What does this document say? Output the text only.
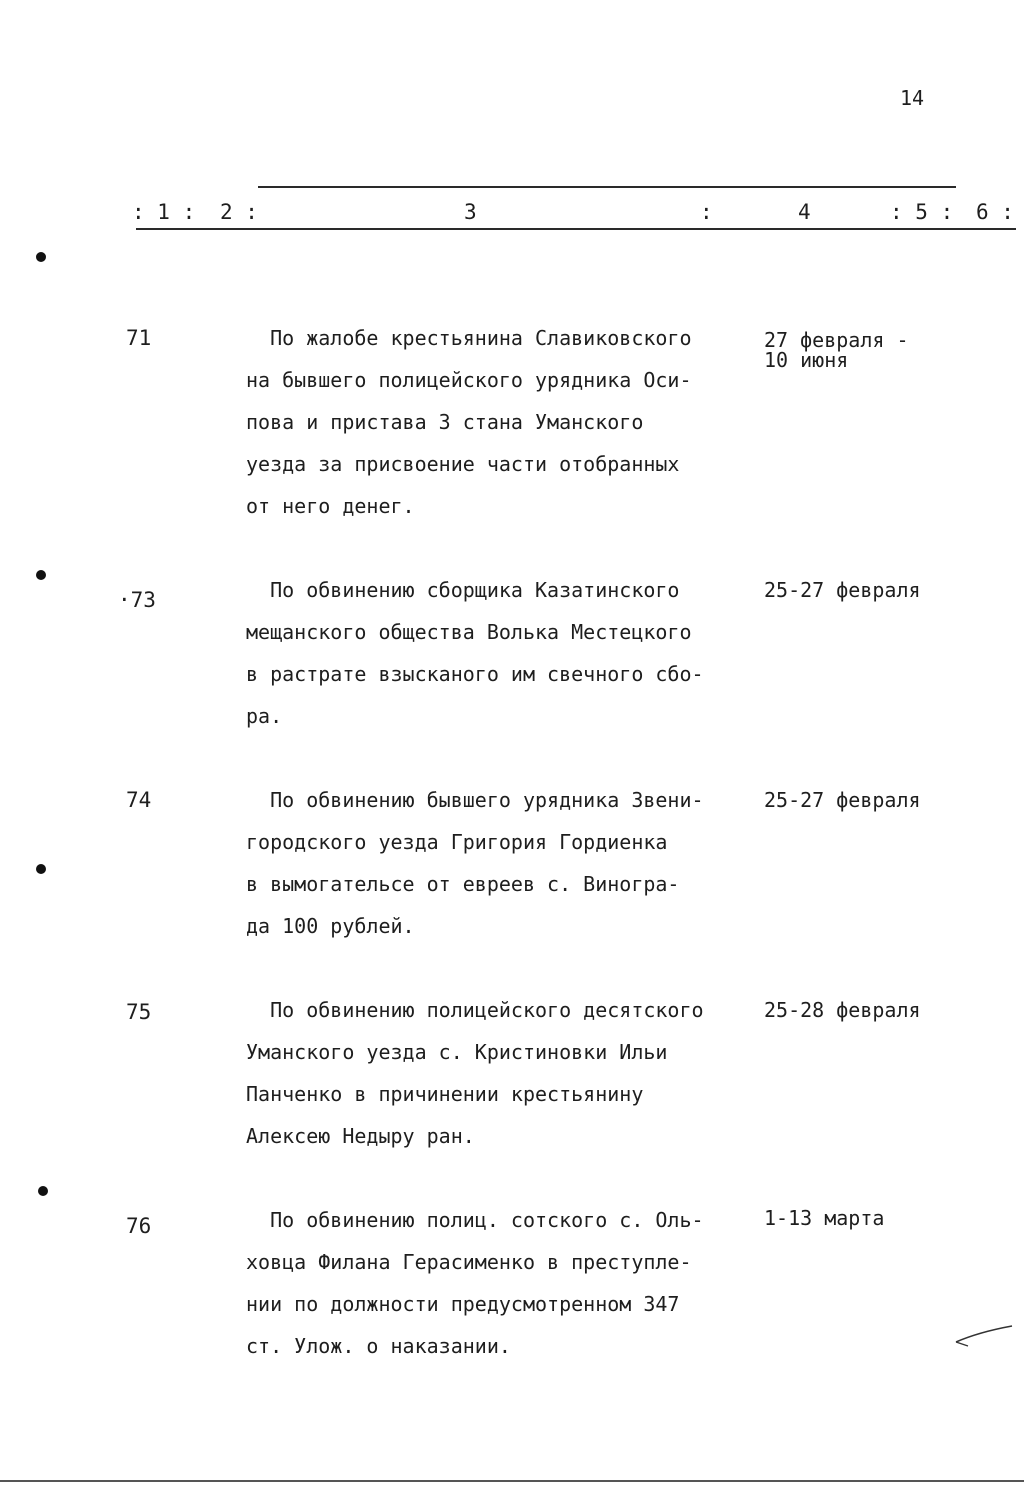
14
: 1 : 2 :	3	:	4	: 5 : 6 :
71	По жалобе крестьянина Славиковского
на бывшего полицейского урядника Оси-
пова и пристава 3 стана Уманского
уезда за присвоение части отобранных
от него денег.
27 февраля -
10 июня
·73	По обвинению сборщика Казатинского
мещанского общества Волька Местецкого
в растрате взысканого им свечного сбо-
ра.
25-27 февраля
74	По обвинению бывшего урядника Звени-
городского уезда Григория Гордиенка
в вымогательсе от евреев с. Виногра-
да 100 рублей.
25-27 февраля
75	По обвинению полицейского десятского
Уманского уезда с. Кристиновки Ильи
Панченко в причинении крестьянину
Алексею Недыру ран.
25-28 февраля
76	По обвинению полиц. сотского с. Оль-
ховца Филана Герасименко в преступле-
нии по должности предусмотренном 347
ст. Улож. о наказании.
1-13 марта
